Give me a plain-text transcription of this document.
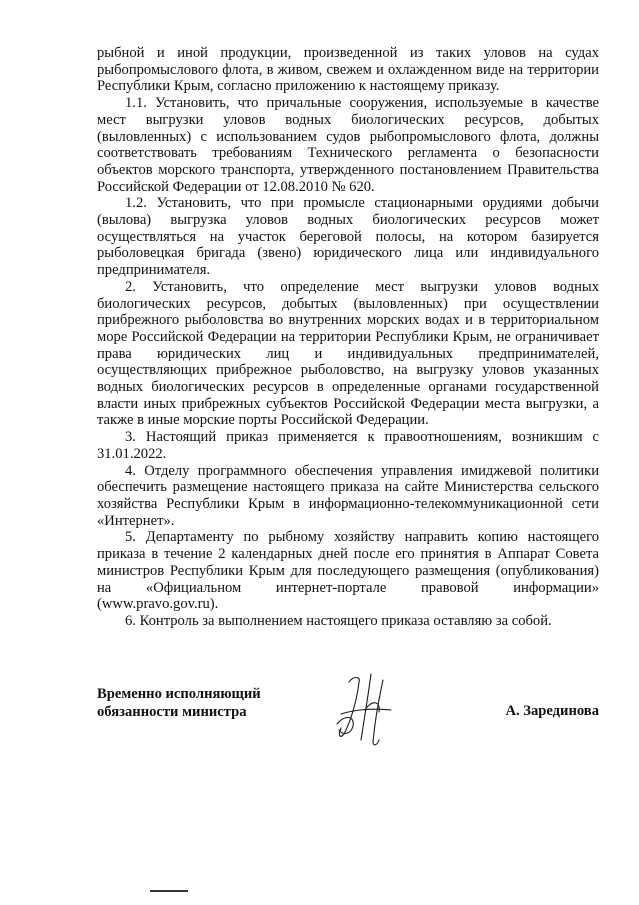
рыбной и иной продукции, произведенной из таких уловов на судах рыбопромыслового флота, в живом, свежем и охлажденном виде на территории Республики Крым, согласно приложению к настоящему приказу.

1.1. Установить, что причальные сооружения, используемые в качестве мест выгрузки уловов водных биологических ресурсов, добытых (выловленных) с использованием судов рыбопромыслового флота, должны соответствовать требованиям Технического регламента о безопасности объектов морского транспорта, утвержденного постановлением Правительства Российской Федерации от 12.08.2010 № 620.

1.2. Установить, что при промысле стационарными орудиями добычи (вылова) выгрузка уловов водных биологических ресурсов может осуществляться на участок береговой полосы, на котором базируется рыболовецкая бригада (звено) юридического лица или индивидуального предпринимателя.

2. Установить, что определение мест выгрузки уловов водных биологических ресурсов, добытых (выловленных) при осуществлении прибрежного рыболовства во внутренних морских водах и в территориальном море Российской Федерации на территории Республики Крым, не ограничивает права юридических лиц и индивидуальных предпринимателей, осуществляющих прибрежное рыболовство, на выгрузку уловов указанных водных биологических ресурсов в определенные органами государственной власти иных прибрежных субъектов Российской Федерации места выгрузки, а также в иные морские порты Российской Федерации.

3. Настоящий приказ применяется к правоотношениям, возникшим с 31.01.2022.

4. Отделу программного обеспечения управления имиджевой политики обеспечить размещение настоящего приказа на сайте Министерства сельского хозяйства Республики Крым в информационно-телекоммуникационной сети «Интернет».

5. Департаменту по рыбному хозяйству направить копию настоящего приказа в течение 2 календарных дней после его принятия в Аппарат Совета министров Республики Крым для последующего размещения (опубликования) на «Официальном интернет-портале правовой информации» (www.pravo.gov.ru).

6. Контроль за выполнением настоящего приказа оставляю за собой.

Временно исполняющий
обязанности министра	А. Зарединова
